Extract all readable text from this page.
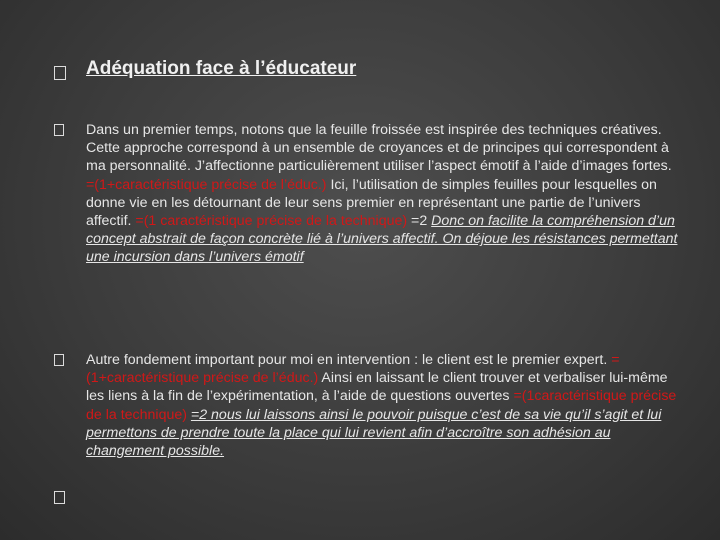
Adéquation face à l’éducateur

Dans un premier temps, notons que la feuille froissée est inspirée des techniques créatives. Cette approche correspond à un ensemble de croyances et de principes qui correspondent à ma personnalité. J’affectionne particulièrement utiliser l’aspect émotif à l’aide d’images fortes.
=(1+caractéristique précise de l’éduc.) Ici, l’utilisation de simples feuilles pour lesquelles on donne vie en les détournant de leur sens premier en représentant une partie de l’univers affectif. =(1 caractéristique précise de la technique) =2 Donc on facilite la compréhension d’un concept abstrait de façon concrète lié à l’univers affectif. On déjoue les résistances permettant une incursion dans l’univers émotif

Autre fondement important pour moi en intervention : le client est le premier expert. =(1+caractéristique précise de l’éduc.) Ainsi en laissant le client trouver et verbaliser lui-même les liens à la fin de l’expérimentation, à l’aide de questions ouvertes =(1caractéristique précise de la technique) =2 nous lui laissons ainsi le pouvoir puisque c’est de sa vie qu’il s’agit et lui permettons de prendre toute la place qui lui revient afin d’accroître son adhésion au changement possible.
